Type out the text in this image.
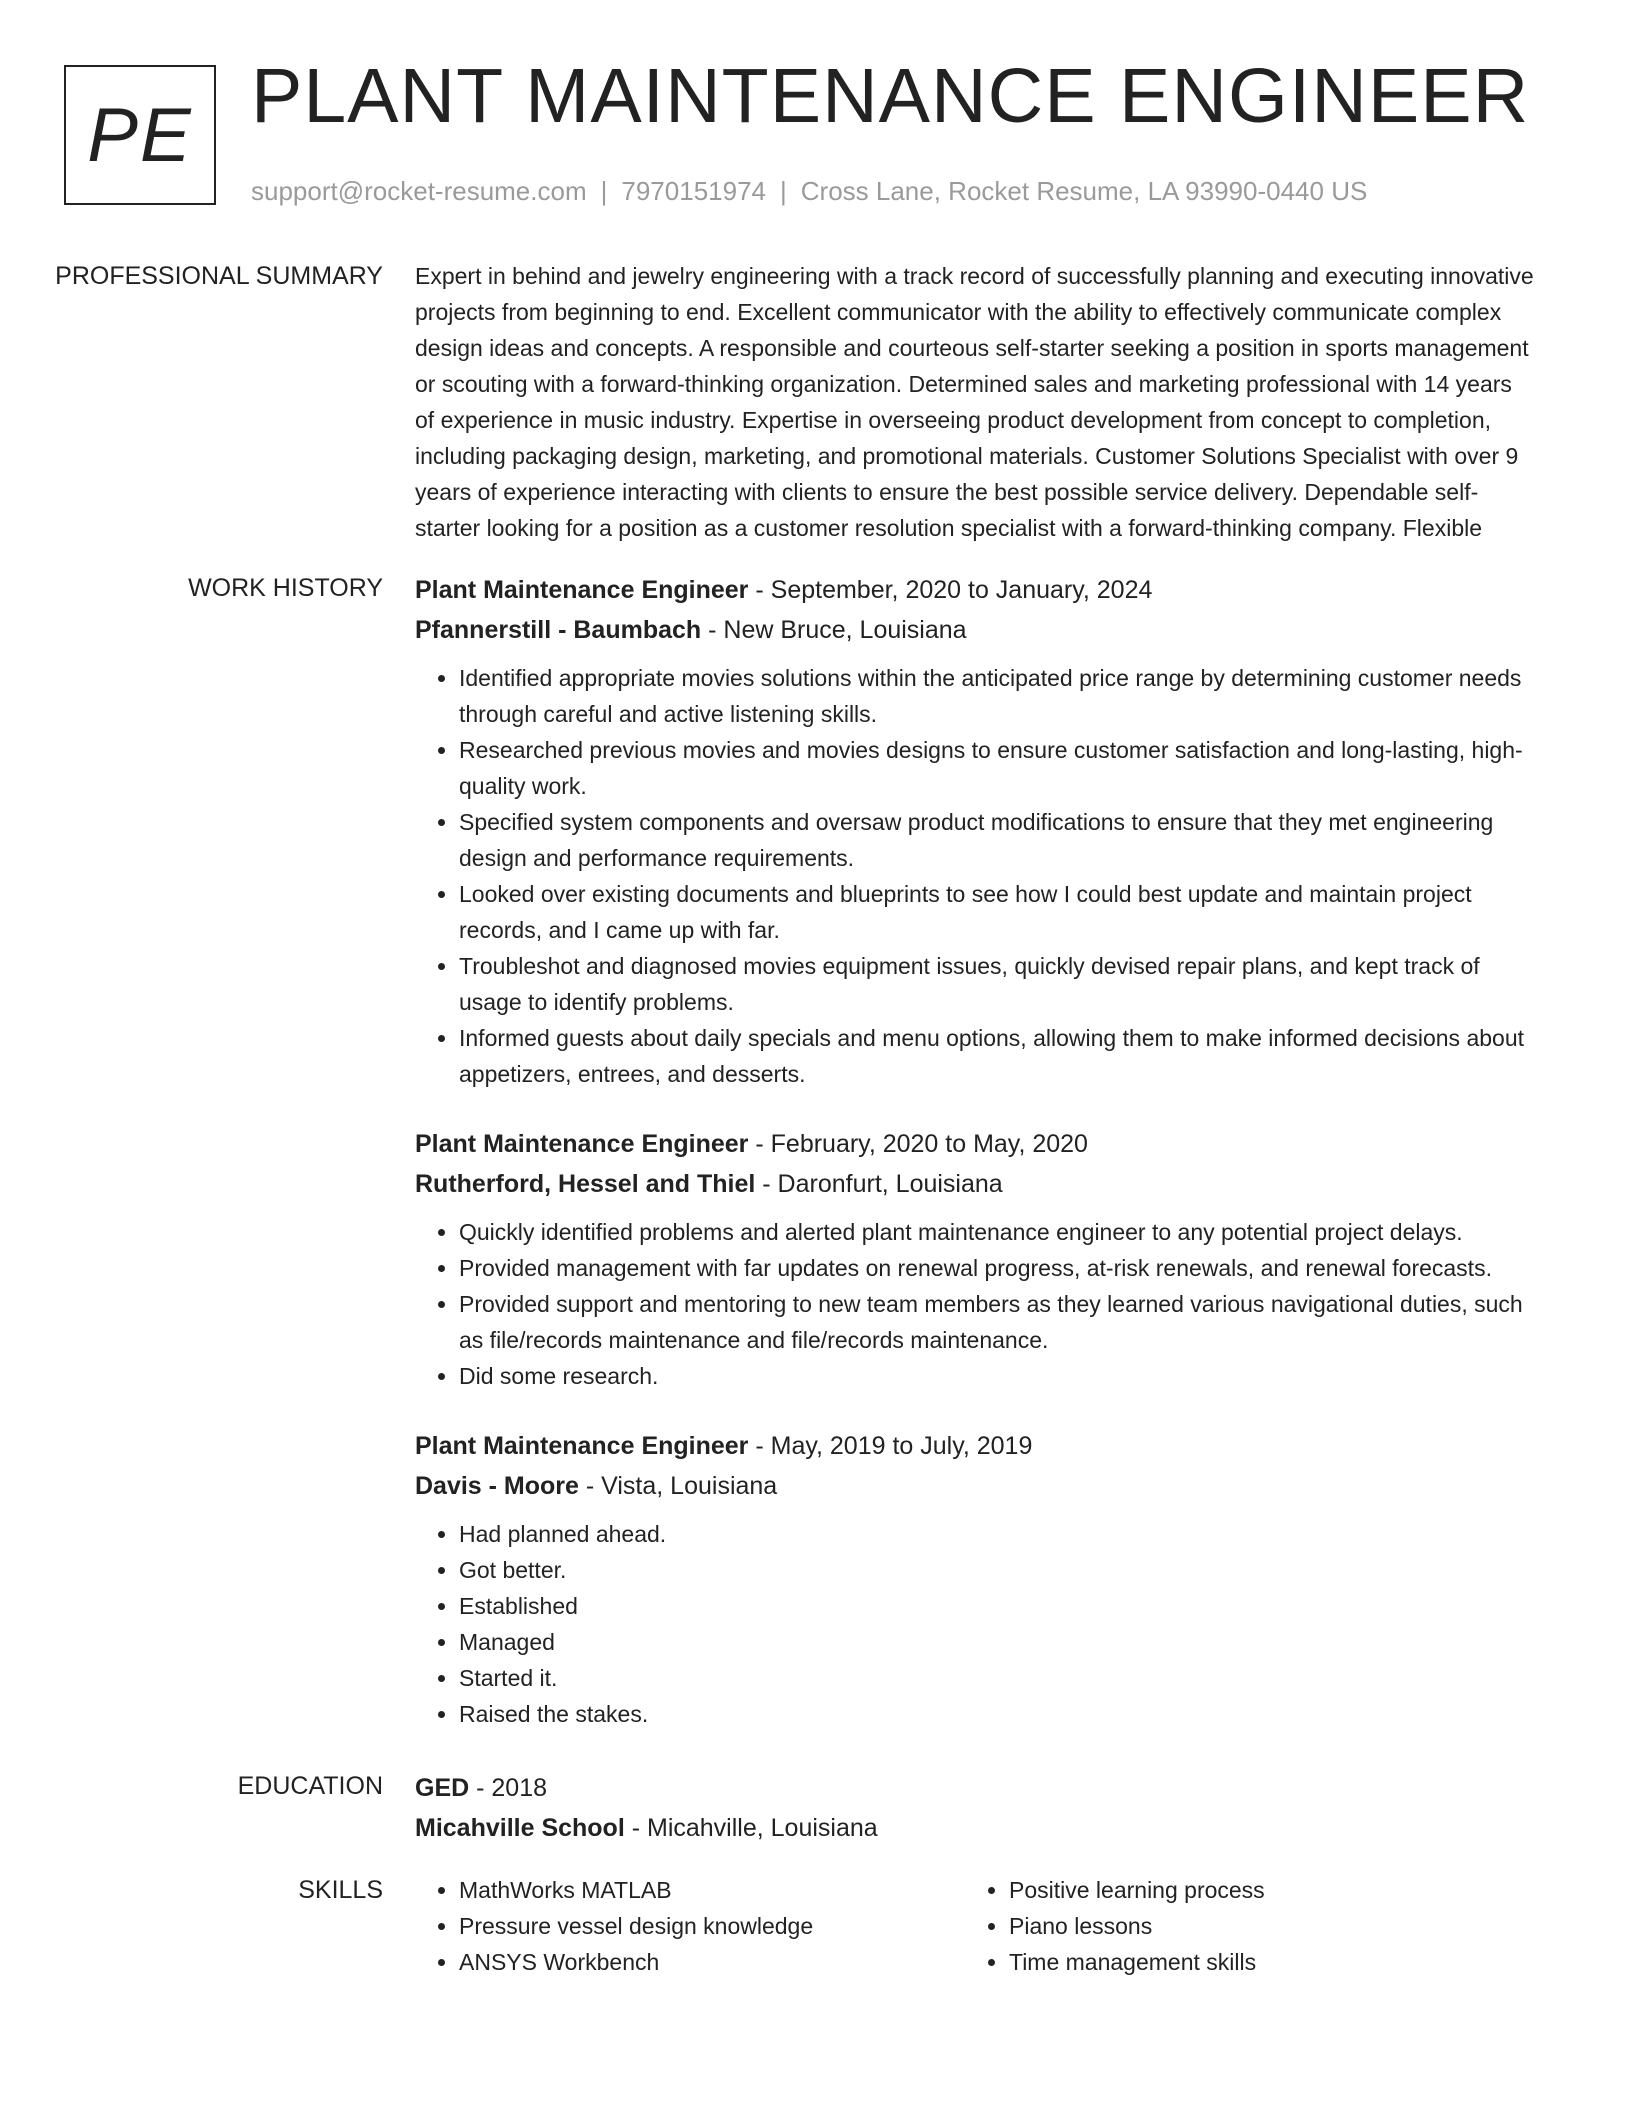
PE PLANT MAINTENANCE ENGINEER
support@rocket-resume.com | 7970151974 | Cross Lane, Rocket Resume, LA 93990-0440 US
PROFESSIONAL SUMMARY	Expert in behind and jewelry engineering with a track record of successfully planning and executing innovative projects from beginning to end. Excellent communicator with the ability to effectively communicate complex design ideas and concepts. A responsible and courteous self-starter seeking a position in sports management or scouting with a forward-thinking organization. Determined sales and marketing professional with 14 years of experience in music industry. Expertise in overseeing product development from concept to completion, including packaging design, marketing, and promotional materials. Customer Solutions Specialist with over 9 years of experience interacting with clients to ensure the best possible service delivery. Dependable self-starter looking for a position as a customer resolution specialist with a forward-thinking company. Flexible

WORK HISTORY	Plant Maintenance Engineer - September, 2020 to January, 2024
Pfannerstill - Baumbach - New Bruce, Louisiana
• Identified appropriate movies solutions within the anticipated price range by determining customer needs through careful and active listening skills.
• Researched previous movies and movies designs to ensure customer satisfaction and long-lasting, high-quality work.
• Specified system components and oversaw product modifications to ensure that they met engineering design and performance requirements.
• Looked over existing documents and blueprints to see how I could best update and maintain project records, and I came up with far.
• Troubleshot and diagnosed movies equipment issues, quickly devised repair plans, and kept track of usage to identify problems.
• Informed guests about daily specials and menu options, allowing them to make informed decisions about appetizers, entrees, and desserts.
Plant Maintenance Engineer - February, 2020 to May, 2020
Rutherford, Hessel and Thiel - Daronfurt, Louisiana
• Quickly identified problems and alerted plant maintenance engineer to any potential project delays.
• Provided management with far updates on renewal progress, at-risk renewals, and renewal forecasts.
• Provided support and mentoring to new team members as they learned various navigational duties, such as file/records maintenance and file/records maintenance.
• Did some research.
Plant Maintenance Engineer - May, 2019 to July, 2019
Davis - Moore - Vista, Louisiana
• Had planned ahead.
• Got better.
• Established
• Managed
• Started it.
• Raised the stakes.
EDUCATION	GED - 2018
Micahville School - Micahville, Louisiana
SKILLS
•	MathWorks MATLAB
• Pressure vessel design knowledge
• ANSYS Workbench
• Positive learning process
• Piano lessons
• Time management skills
